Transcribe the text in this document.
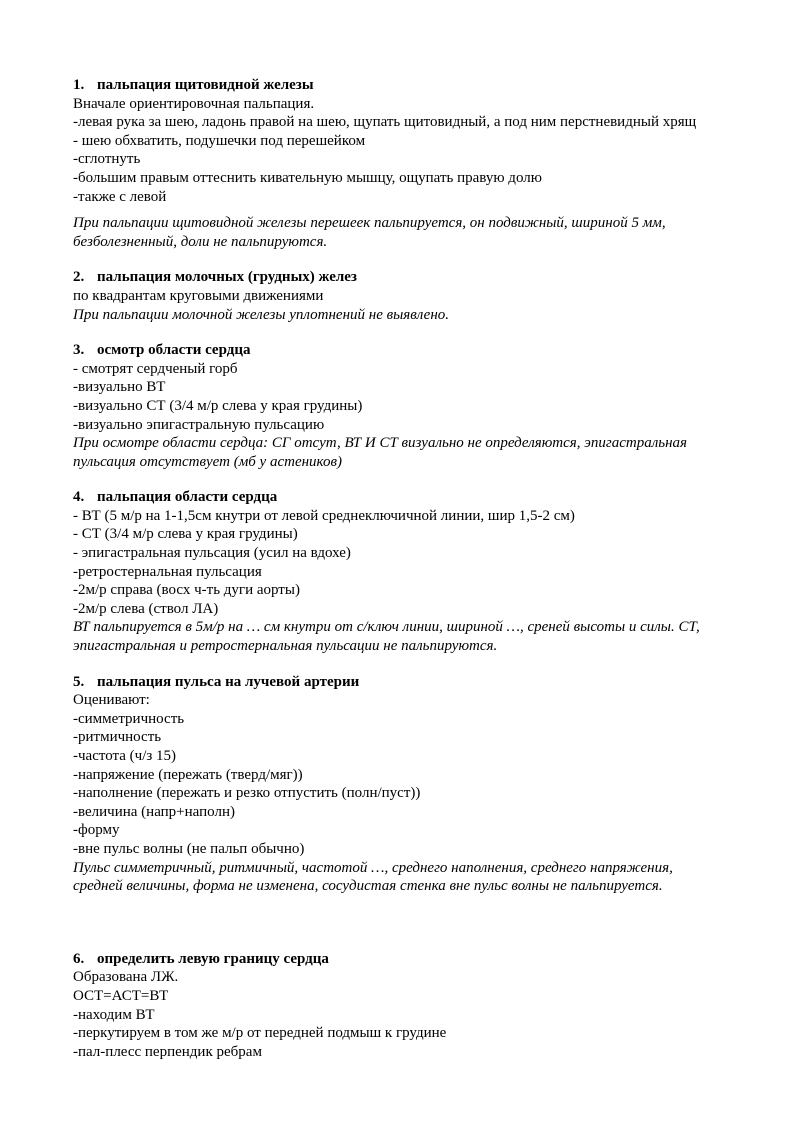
1. пальпация щитовидной железы
Вначале ориентировочная пальпация.
-левая рука за шею, ладонь правой на шею, щупать щитовидный, а под ним перстневидный хрящ
- шею обхватить, подушечки под перешейком
-сглотнуть
-большим правым оттеснить кивательную мышцу, ощупать правую долю
-также с левой
При пальпации щитовидной железы перешеек пальпируется, он подвижный, шириной 5 мм,
безболезненный, доли не пальпируются.
2. пальпация молочных (грудных) желез
по квадрантам круговыми движениями
При пальпации молочной железы уплотнений не выявлено.
3. осмотр области сердца
- смотрят сердченый горб
-визуально ВТ
-визуально СТ (3/4 м/р слева у края грудины)
-визуально эпигастральную пульсацию
При осмотре области сердца: СГ отсут, ВТ И СТ визуально не определяются, эпигастральная
пульсация отсутствует (мб у астеников)
4. пальпация области сердца
- ВТ (5 м/р на 1-1,5см кнутри от левой среднеключичной линии, шир 1,5-2 см)
- СТ (3/4 м/р слева у края грудины)
- эпигастральная пульсация (усил на вдохе)
-ретростернальная пульсация
-2м/р справа (восх ч-ть дуги аорты)
-2м/р слева (ствол ЛА)
ВТ пальпируется в 5м/р на … см кнутри от с/ключ линии, шириной …, среней высоты и силы. СТ,
эпигастральная и ретростернальная пульсации не пальпируются.
5. пальпация пульса на лучевой артерии
Оценивают:
-симметричность
-ритмичность
-частота (ч/з 15)
-напряжение (пережать (тверд/мяг))
-наполнение (пережать и резко отпустить (полн/пуст))
-величина (напр+наполн)
-форму
-вне пульс волны (не пальп обычно)
Пульс симметричный, ритмичный, частотой …, среднего наполнения, среднего напряжения,
средней величины, форма не изменена, сосудистая стенка вне пульс волны не пальпируется.
6. определить левую границу сердца
Образована ЛЖ.
ОСТ=АСТ=ВТ
-находим ВТ
-перкутируем в том же м/р от передней подмыш к грудине
-пал-плесс перпендик ребрам
